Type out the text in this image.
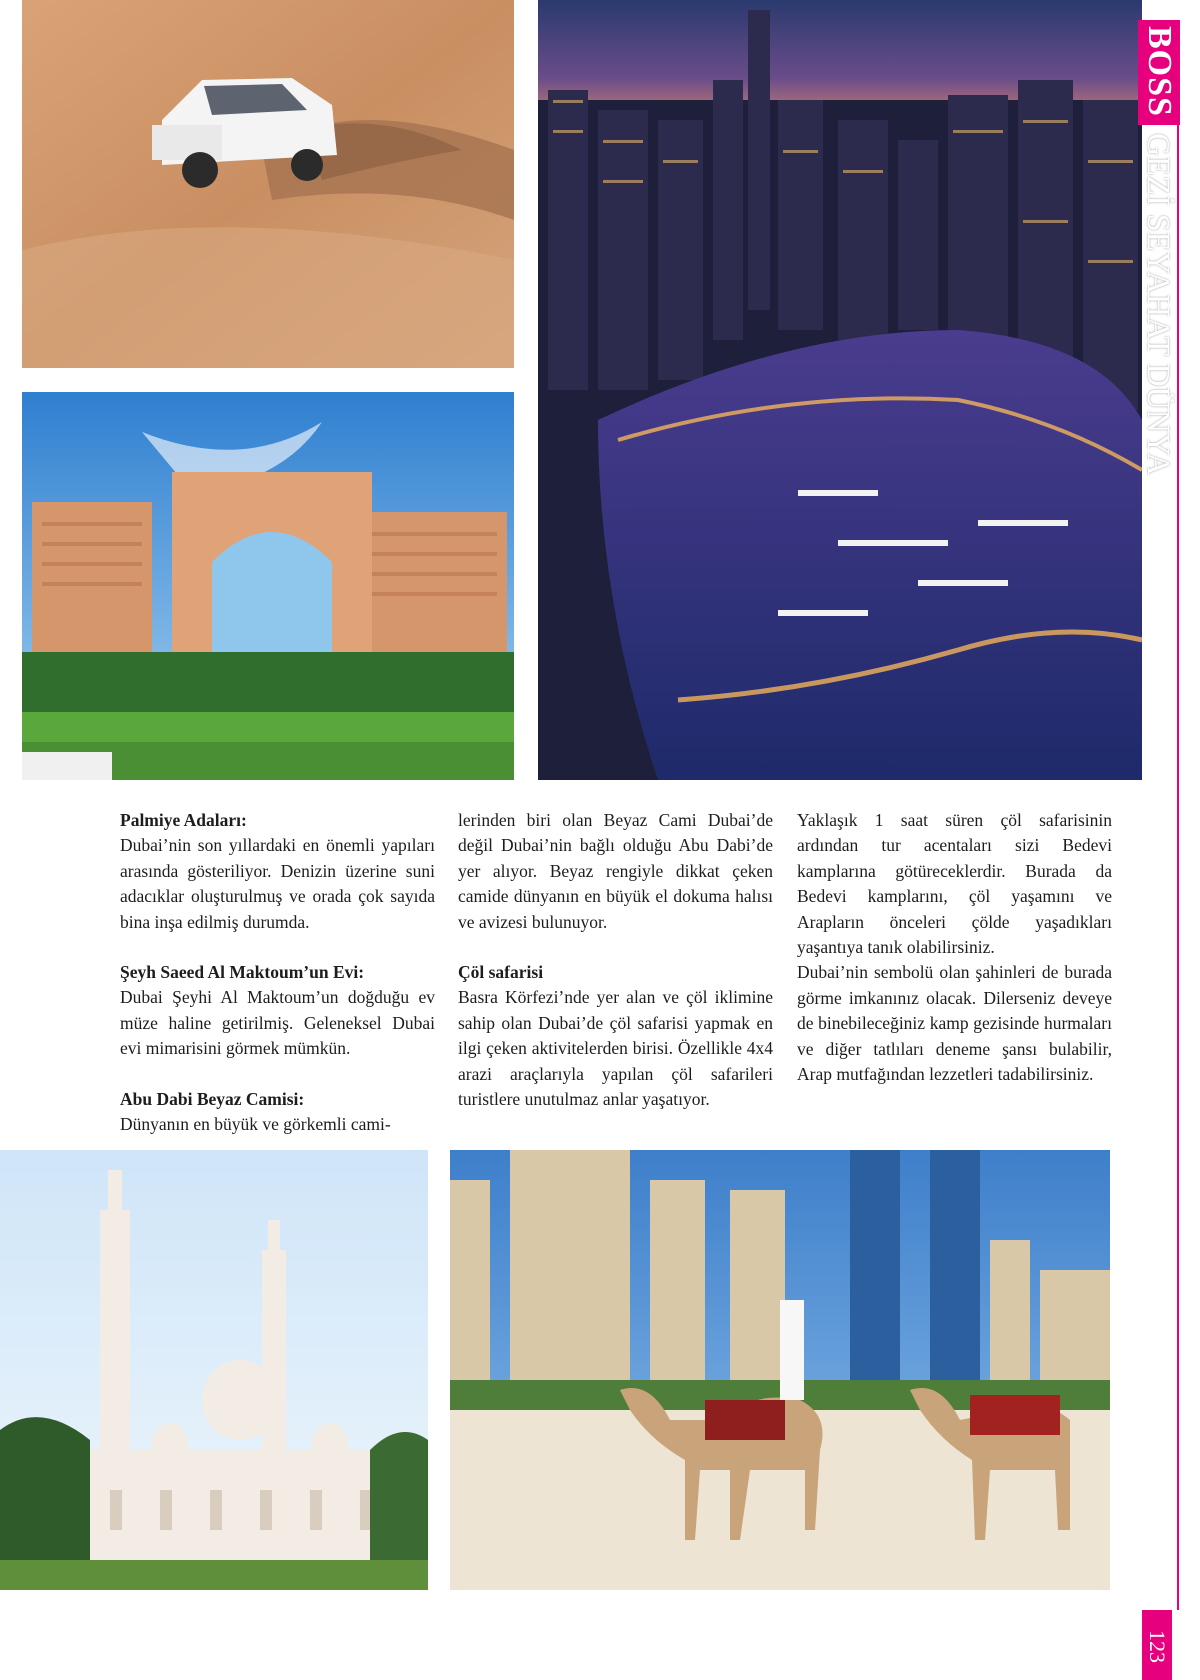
Palmiye Adaları:

Dubai’nin son yıllardaki en önemli yapıları arasında gösteriliyor. Denizin üzerine suni adacıklar oluşturulmuş ve orada çok sayıda bina inşa edilmiş durumda.

Şeyh Saeed Al Maktoum’un Evi:

Dubai Şeyhi Al Maktoum’un doğduğu ev müze haline getirilmiş. Geleneksel Dubai evi mimarisini görmek mümkün.

Abu Dabi Beyaz Camisi:

Dünyanın en büyük ve görkemli cami-

lerinden biri olan Beyaz Cami Dubai’de değil Dubai’nin bağlı olduğu Abu Dabi’de yer alıyor. Beyaz rengiyle dikkat çeken camide dünyanın en büyük el dokuma halısı ve avizesi bulunuyor.

Çöl safarisi

Basra Körfezi’nde yer alan ve çöl iklimine sahip olan Dubai’de çöl safarisi yapmak en ilgi çeken aktivitelerden birisi. Özellikle 4x4 arazi araçlarıyla yapılan çöl safarileri turistlere unutulmaz anlar yaşatıyor.

Yaklaşık 1 saat süren çöl safarisinin ardından tur acentaları sizi Bedevi kamplarına götüreceklerdir. Burada da Bedevi kamplarını, çöl yaşamını ve Arapların önceleri çölde yaşadıkları yaşantıya tanık olabilirsiniz.

Dubai’nin sembolü olan şahinleri de burada görme imkanınız olacak. Dilerseniz deveye de binebileceğiniz kamp gezisinde hurmaları ve diğer tatlıları deneme şansı bulabilir, Arap mutfağından lezzetleri tadabilirsiniz.

BOSSGEZİ SEYAHAT DÜNYA
123
